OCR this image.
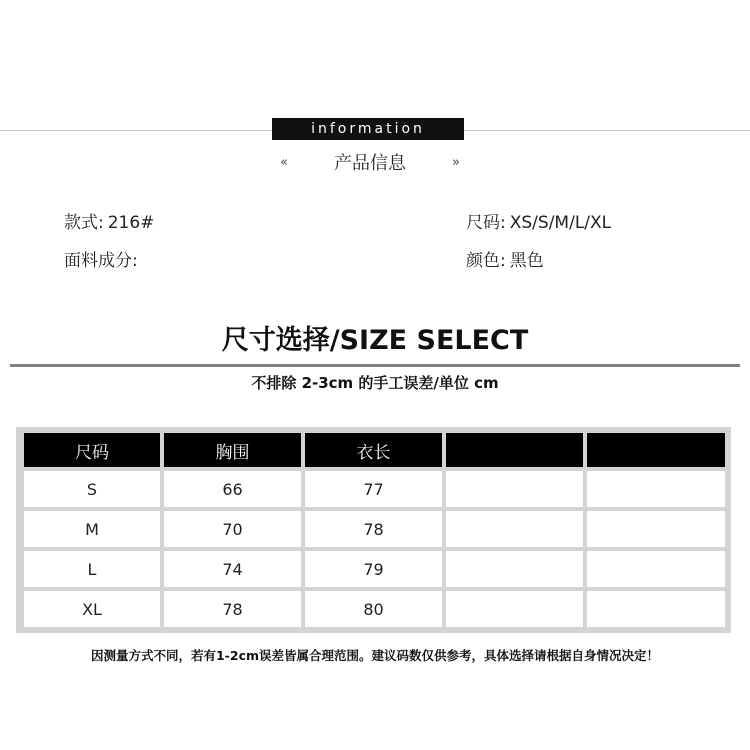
information
«	产品信息	»
款式: 216#
面料成分:
尺码: XS/S/M/L/XL
颜色: 黑色
尺寸选择/SIZE SELECT
不排除 2-3cm 的手工误差/单位 cm
尺码	胸围	衣长
S	66	77
M	70	78
L	74	79
XL	78	80
因测量方式不同，若有1-2cm误差皆属合理范围。建议码数仅供参考，具体选择请根据自身情况决定！
